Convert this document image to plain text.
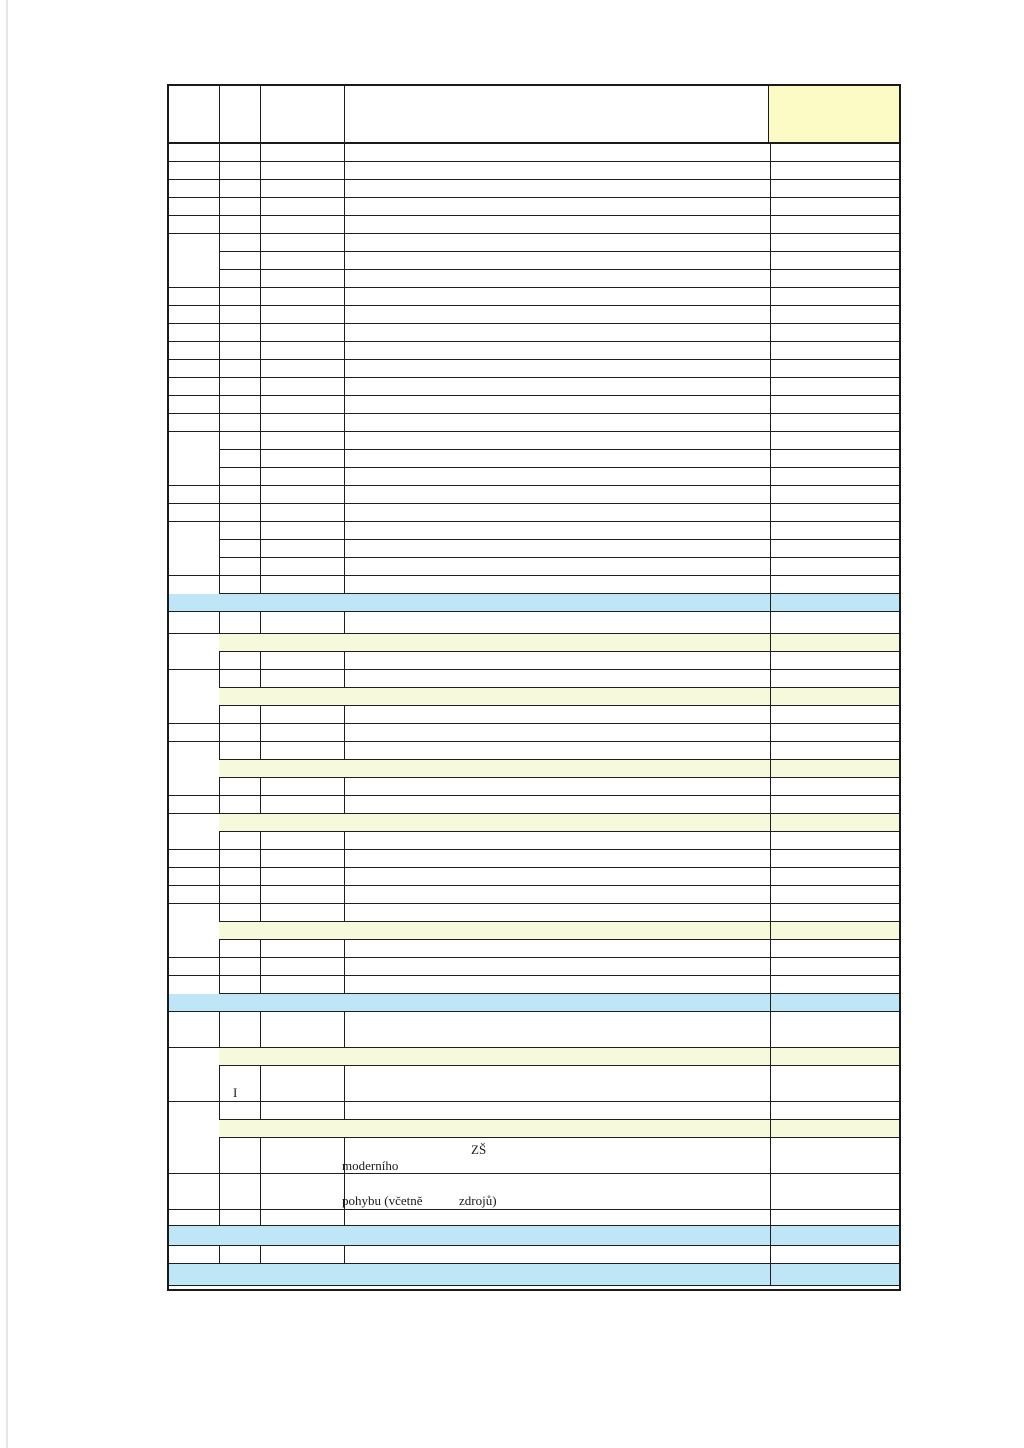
I
ZŠ
moderního
pohybu (včetně	zdrojů)
